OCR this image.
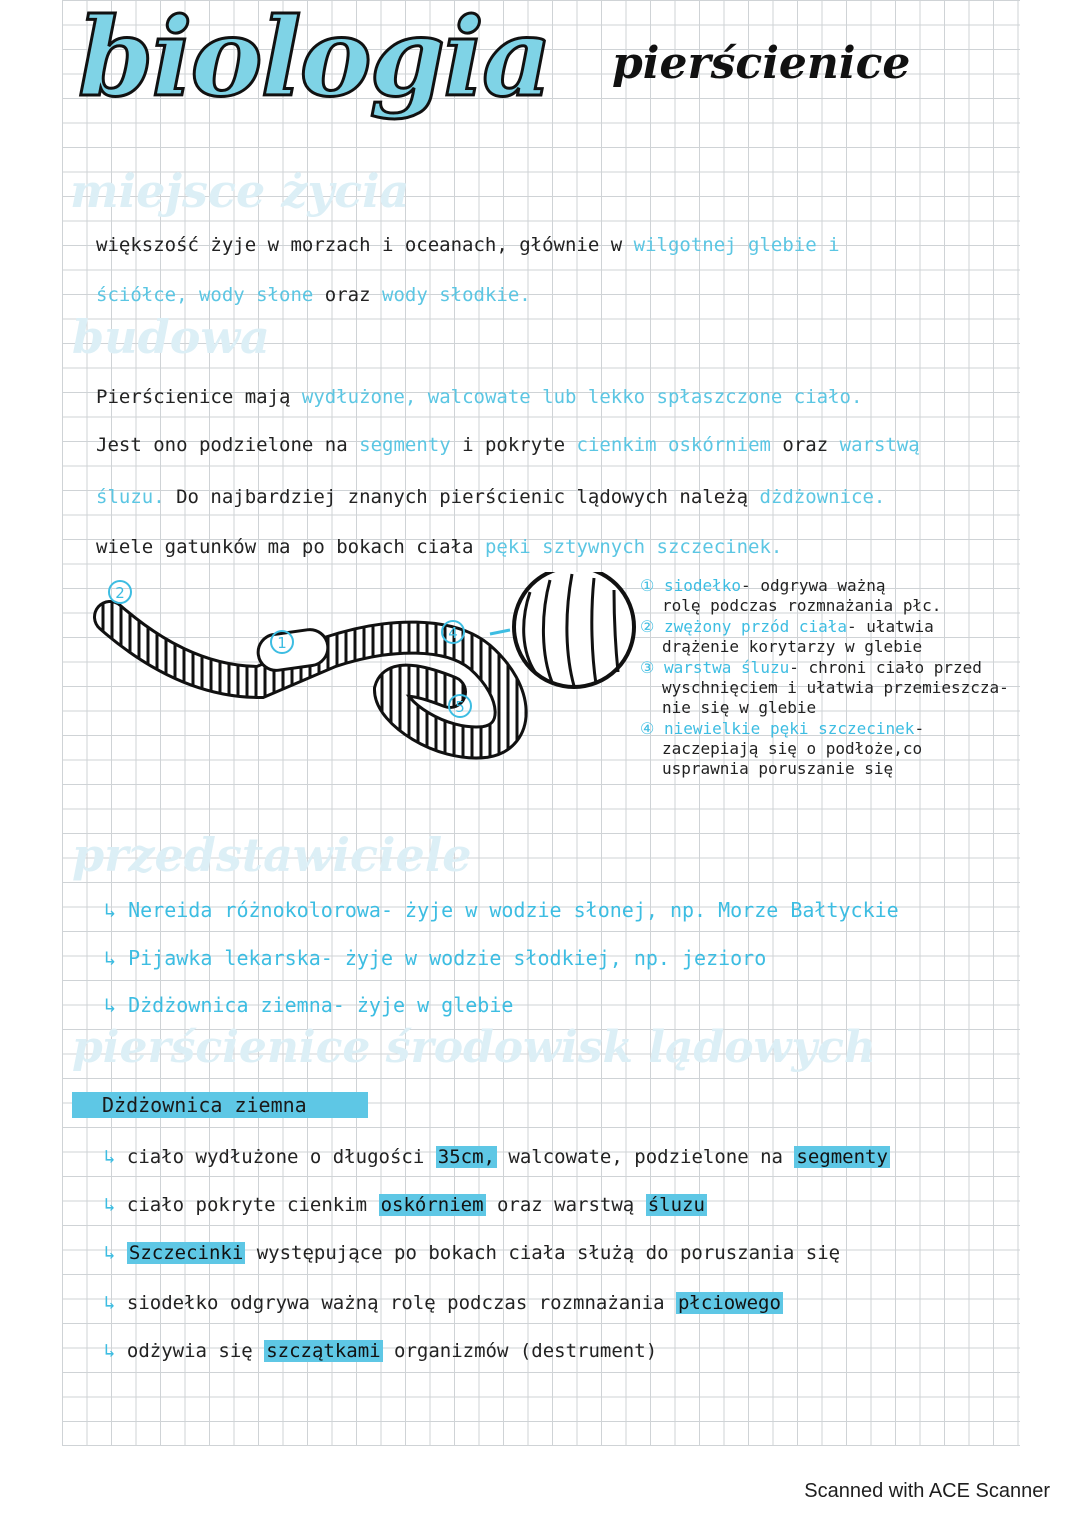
biologia pierścienice
miejsce życia
większość żyje w morzach i oceanach, głównie w wilgotnej glebie i
ściółce, wody słone oraz wody słodkie.
budowa
Pierścienice mają wydłużone, walcowate lub lekko spłaszczone ciało.
Jest ono podzielone na segmenty i pokryte cienkim oskórniem oraz warstwą
śluzu. Do najbardziej znanych pierścienic lądowych należą dżdżownice.
wiele gatunków ma po bokach ciała pęki sztywnych szczecinek.
2
1
4
5
① siodełko- odgrywa ważną
rolę podczas rozmnażania płc.
② zwężony przód ciała- ułatwia
drążenie korytarzy w glebie
③ warstwa śluzu- chroni ciało przed
wyschnięciem i ułatwia przemieszcza-
nie się w glebie
④ niewielkie pęki szczecinek-
zaczepiają się o podłoże,co
usprawnia poruszanie się
przedstawiciele
↳ Nereida różnokolorowa- żyje w wodzie słonej, np. Morze Bałtyckie
↳ Pijawka lekarska- żyje w wodzie słodkiej, np. jezioro
↳ Dżdżownica ziemna- żyje w glebie
pierścienice środowisk lądowych
Dżdżownica ziemna
↳ ciało wydłużone o długości 35cm, walcowate, podzielone na segmenty
↳ ciało pokryte cienkim oskórniem oraz warstwą śluzu
↳ Szczecinki występujące po bokach ciała służą do poruszania się
↳ siodełko odgrywa ważną rolę podczas rozmnażania płciowego
↳ odżywia się szczątkami organizmów (destrument)
Scanned with ACE Scanner
